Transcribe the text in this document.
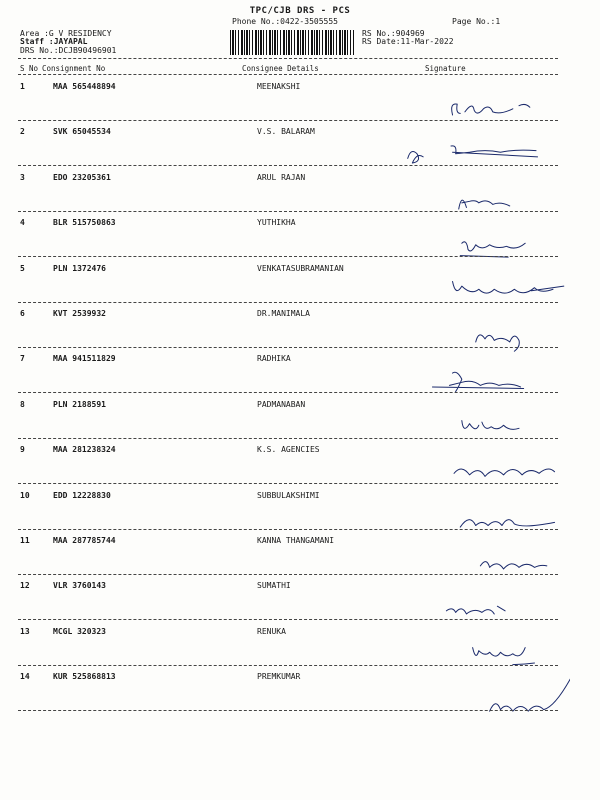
TPC/CJB DRS - PCS
Phone No.:0422-3505555	Page No.:1
Area :G V RESIDENCY
Staff :JAYAPAL
DRS No.:DCJB90496901
RS No.:904969
RS Date:11-Mar-2022
S No Consignment No	Consignee Details	Signature
1	MAA 565448894	MEENAKSHI
2	SVK 65045534	V.S. BALARAM
3	EDO 23205361	ARUL RAJAN
4	BLR 515750863	YUTHIKHA
5	PLN 1372476	VENKATASUBRAMANIAN
6	KVT 2539932	DR.MANIMALA
7	MAA 941511829	RADHIKA
8	PLN 2188591	PADMANABAN
9	MAA 281238324	K.S. AGENCIES
10	EDD 12228830	SUBBULAKSHIMI
11	MAA 287785744	KANNA THANGAMANI
12	VLR 3760143	SUMATHI
13	MCGL 320323	RENUKA
14	KUR 525868813	PREMKUMAR
